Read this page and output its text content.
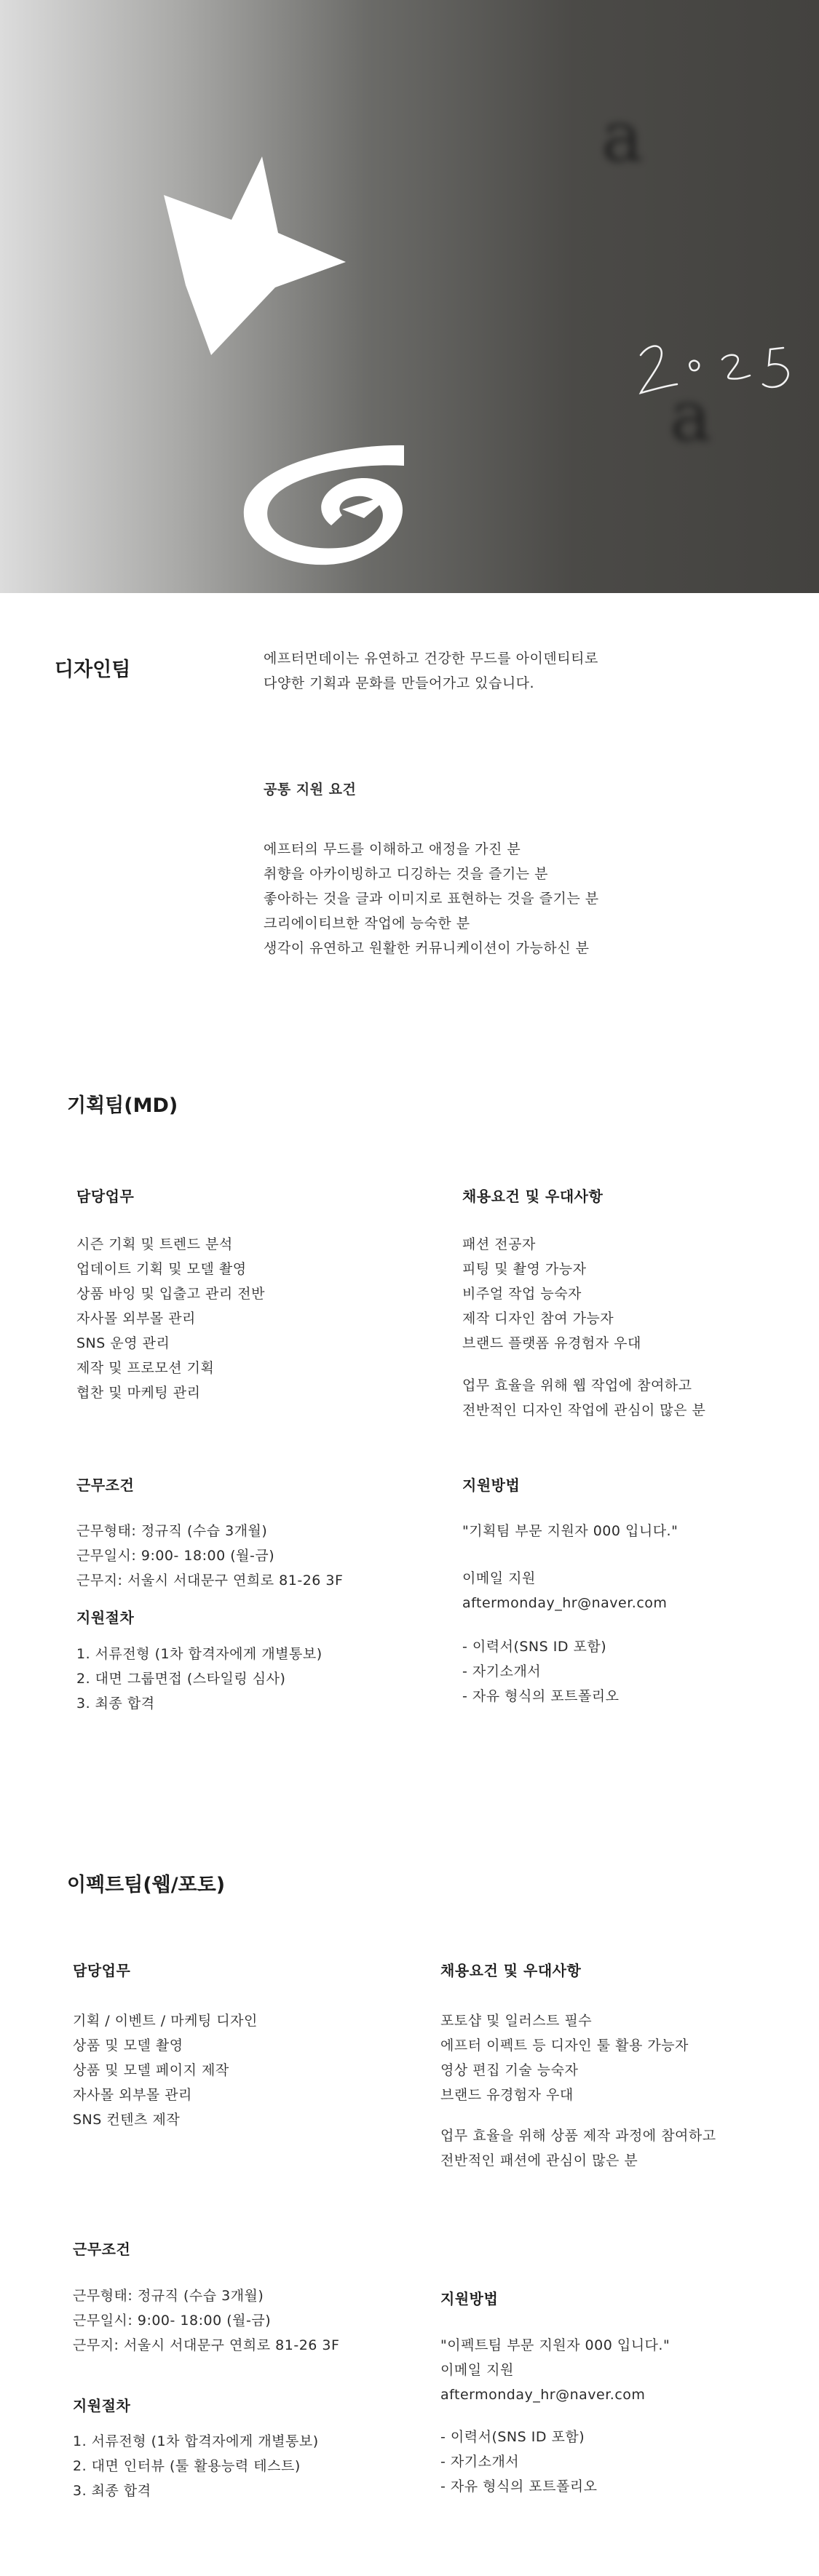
a
a
디자인팀	에프터먼데이는 유연하고 건강한 무드를 아이덴티티로
다양한 기획과 문화를 만들어가고 있습니다.
공통 지원 요건
에프터의 무드를 이해하고 애정을 가진 분
취향을 아카이빙하고 디깅하는 것을 즐기는 분
좋아하는 것을 글과 이미지로 표현하는 것을 즐기는 분
크리에이티브한 작업에 능숙한 분
생각이 유연하고 원활한 커뮤니케이션이 가능하신 분
기획팀(MD)
담당업무
시즌 기획 및 트렌드 분석
업데이트 기획 및 모델 촬영
상품 바잉 및 입출고 관리 전반
자사몰 외부몰 관리
SNS 운영 관리
제작 및 프로모션 기획
협찬 및 마케팅 관리
채용요건 및 우대사항
패션 전공자
피팅 및 촬영 가능자
비주얼 작업 능숙자
제작 디자인 참여 가능자
브랜드 플랫폼 유경험자 우대
업무 효율을 위해 웹 작업에 참여하고
전반적인 디자인 작업에 관심이 많은 분
근무조건
근무형태: 정규직 (수습 3개월)
근무일시: 9:00- 18:00 (월-금)
근무지: 서울시 서대문구 연희로 81-26 3F
지원절차
1. 서류전형 (1차 합격자에게 개별통보)
2. 대면 그룹면접 (스타일링 심사)
3. 최종 합격
지원방법
"기획팀 부문 지원자 000 입니다."
이메일 지원
aftermonday_hr@naver.com
- 이력서(SNS ID 포함)
- 자기소개서
- 자유 형식의 포트폴리오
이펙트팀(웹/포토)
담당업무
기획 / 이벤트 / 마케팅 디자인
상품 및 모델 촬영
상품 및 모델 페이지 제작
자사몰 외부몰 관리
SNS 컨텐츠 제작
채용요건 및 우대사항
포토샵 및 일러스트 필수
에프터 이펙트 등 디자인 툴 활용 가능자
영상 편집 기술 능숙자
브랜드 유경험자 우대
업무 효율을 위해 상품 제작 과정에 참여하고
전반적인 패션에 관심이 많은 분
근무조건
근무형태: 정규직 (수습 3개월)
근무일시: 9:00- 18:00 (월-금)
근무지: 서울시 서대문구 연희로 81-26 3F
지원절차
1. 서류전형 (1차 합격자에게 개별통보)
2. 대면 인터뷰 (툴 활용능력 테스트)
3. 최종 합격
지원방법
"이펙트팀 부문 지원자 000 입니다."
이메일 지원
aftermonday_hr@naver.com
- 이력서(SNS ID 포함)
- 자기소개서
- 자유 형식의 포트폴리오
